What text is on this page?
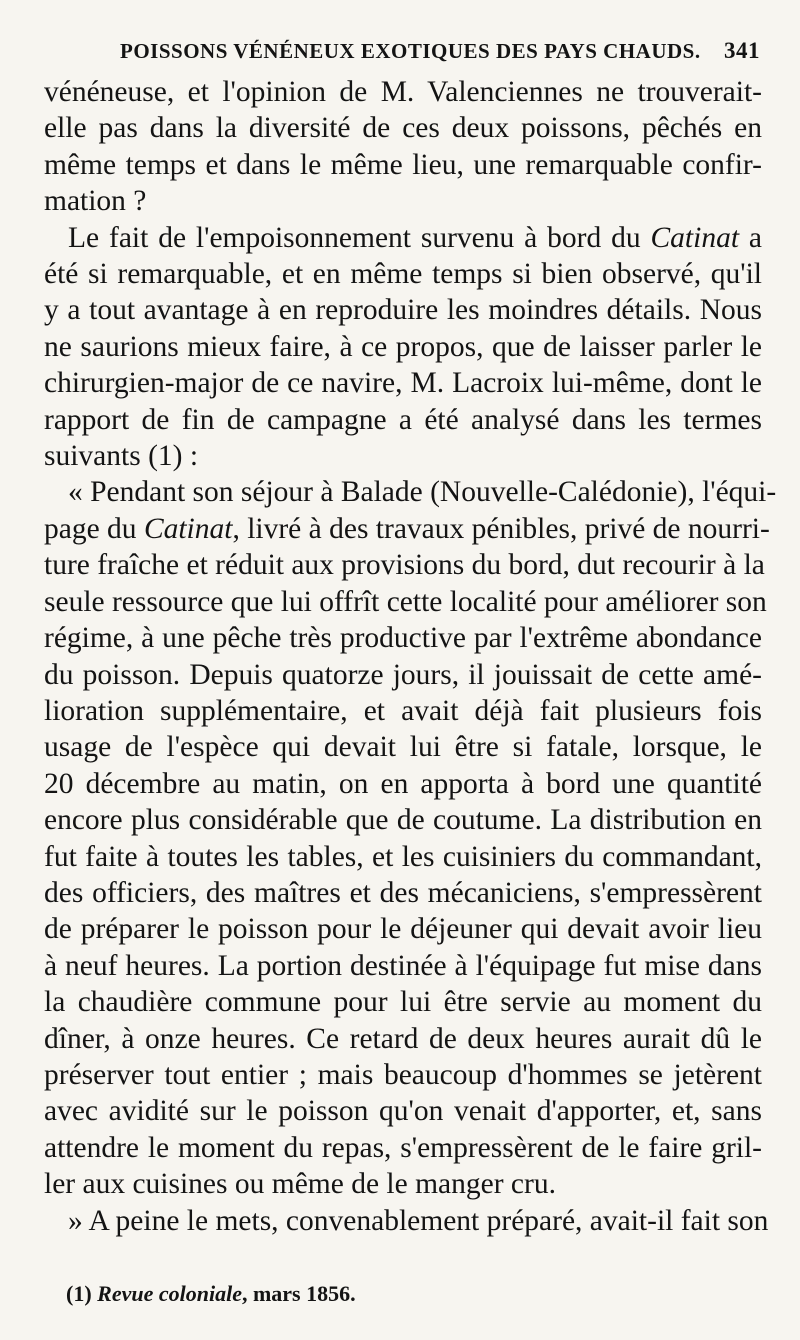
POISSONS VÉNÉNEUX EXOTIQUES DES PAYS CHAUDS. 341

vénéneuse, et l'opinion de M. Valenciennes ne trouverait-
elle pas dans la diversité de ces deux poissons, pêchés en
même temps et dans le même lieu, une remarquable confir-
mation ?

Le fait de l'empoisonnement survenu à bord du Catinat a
été si remarquable, et en même temps si bien observé, qu'il
y a tout avantage à en reproduire les moindres détails. Nous
ne saurions mieux faire, à ce propos, que de laisser parler le
chirurgien-major de ce navire, M. Lacroix lui-même, dont le
rapport de fin de campagne a été analysé dans les termes
suivants (1) :

« Pendant son séjour à Balade (Nouvelle-Calédonie), l'équi-
page du Catinat, livré à des travaux pénibles, privé de nourri-
ture fraîche et réduit aux provisions du bord, dut recourir à la
seule ressource que lui offrît cette localité pour améliorer son
régime, à une pêche très productive par l'extrême abondance
du poisson. Depuis quatorze jours, il jouissait de cette amé-
lioration supplémentaire, et avait déjà fait plusieurs fois
usage de l'espèce qui devait lui être si fatale, lorsque, le
20 décembre au matin, on en apporta à bord une quantité
encore plus considérable que de coutume. La distribution en
fut faite à toutes les tables, et les cuisiniers du commandant,
des officiers, des maîtres et des mécaniciens, s'empressèrent
de préparer le poisson pour le déjeuner qui devait avoir lieu
à neuf heures. La portion destinée à l'équipage fut mise dans
la chaudière commune pour lui être servie au moment du
dîner, à onze heures. Ce retard de deux heures aurait dû le
préserver tout entier ; mais beaucoup d'hommes se jetèrent
avec avidité sur le poisson qu'on venait d'apporter, et, sans
attendre le moment du repas, s'empressèrent de le faire gril-
ler aux cuisines ou même de le manger cru.

» A peine le mets, convenablement préparé, avait-il fait son

(1) Revue coloniale, mars 1856.
